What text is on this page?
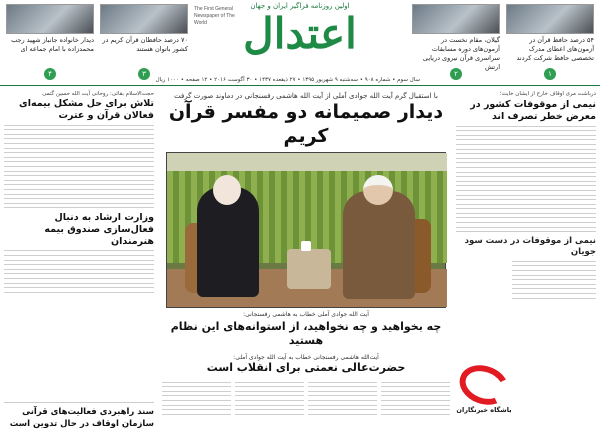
۵۴ درصد حافظ قرآن در آزمون‌های اعطای مدرک تخصصی حافظ شرکت کردند
۱
گیلان، مقام نخست در آزمون‌های دوره مسابقات سراسری قرآن نیروی دریایی ارتش
۲
اولین روزنامه فراگیر ایران و جهان
اعتدال
The First General Newspaper of The World
سال سوم • شماره ۹۰۸ • سه‌شنبه ۹ شهریور ۱۳۹۵ • ۲۷ ذیقعده ۱۴۳۷ • ۳۰ آگوست ۲۰۱۶ • ۱۲ صفحه • ۱۰۰۰ ریال
۷۰ درصد حافظان قرآن کریم در کشور بانوان هستند
۳
دیدار خانواده جانباز شهید رجب محمدزاده با امام جماعه ای
۴
درباشت مری اوقاف خارج از ایشان خایث؛
نیمی از موقوفات کشور در معرض خطر تصرف اند
نیمی از موقوفات در دست سود جویان
باشگاه خبرنگاران
با استقبال گرم آیت الله جوادی آملی از آیت الله هاشمی رفسنجانی در دماوند صورت گرفت
دیدار صمیمانه دو مفسر قرآن کریم
آیت الله جوادی آملی خطاب به هاشمی رفسنجانی:
چه بخواهید و چه نخواهید، از استوانه‌های این نظام هستید
آیت‌الله هاشمی رفسنجانی خطاب به آیت الله جوادی آملی:
حضرت‌عالی نعمتی برای انقلاب است
حجت‌الاسلام بقائی: روحانی آیت الله حسین گتمی
تلاش برای حل مشکل بیمه‌ای فعالان قرآن و عترت
وزارت ارشاد به دنبال فعال‌سازی صندوق بیمه هنرمندان
سند راهبردی فعالیت‌های قرآنی سازمان اوقاف در حال تدوین است
